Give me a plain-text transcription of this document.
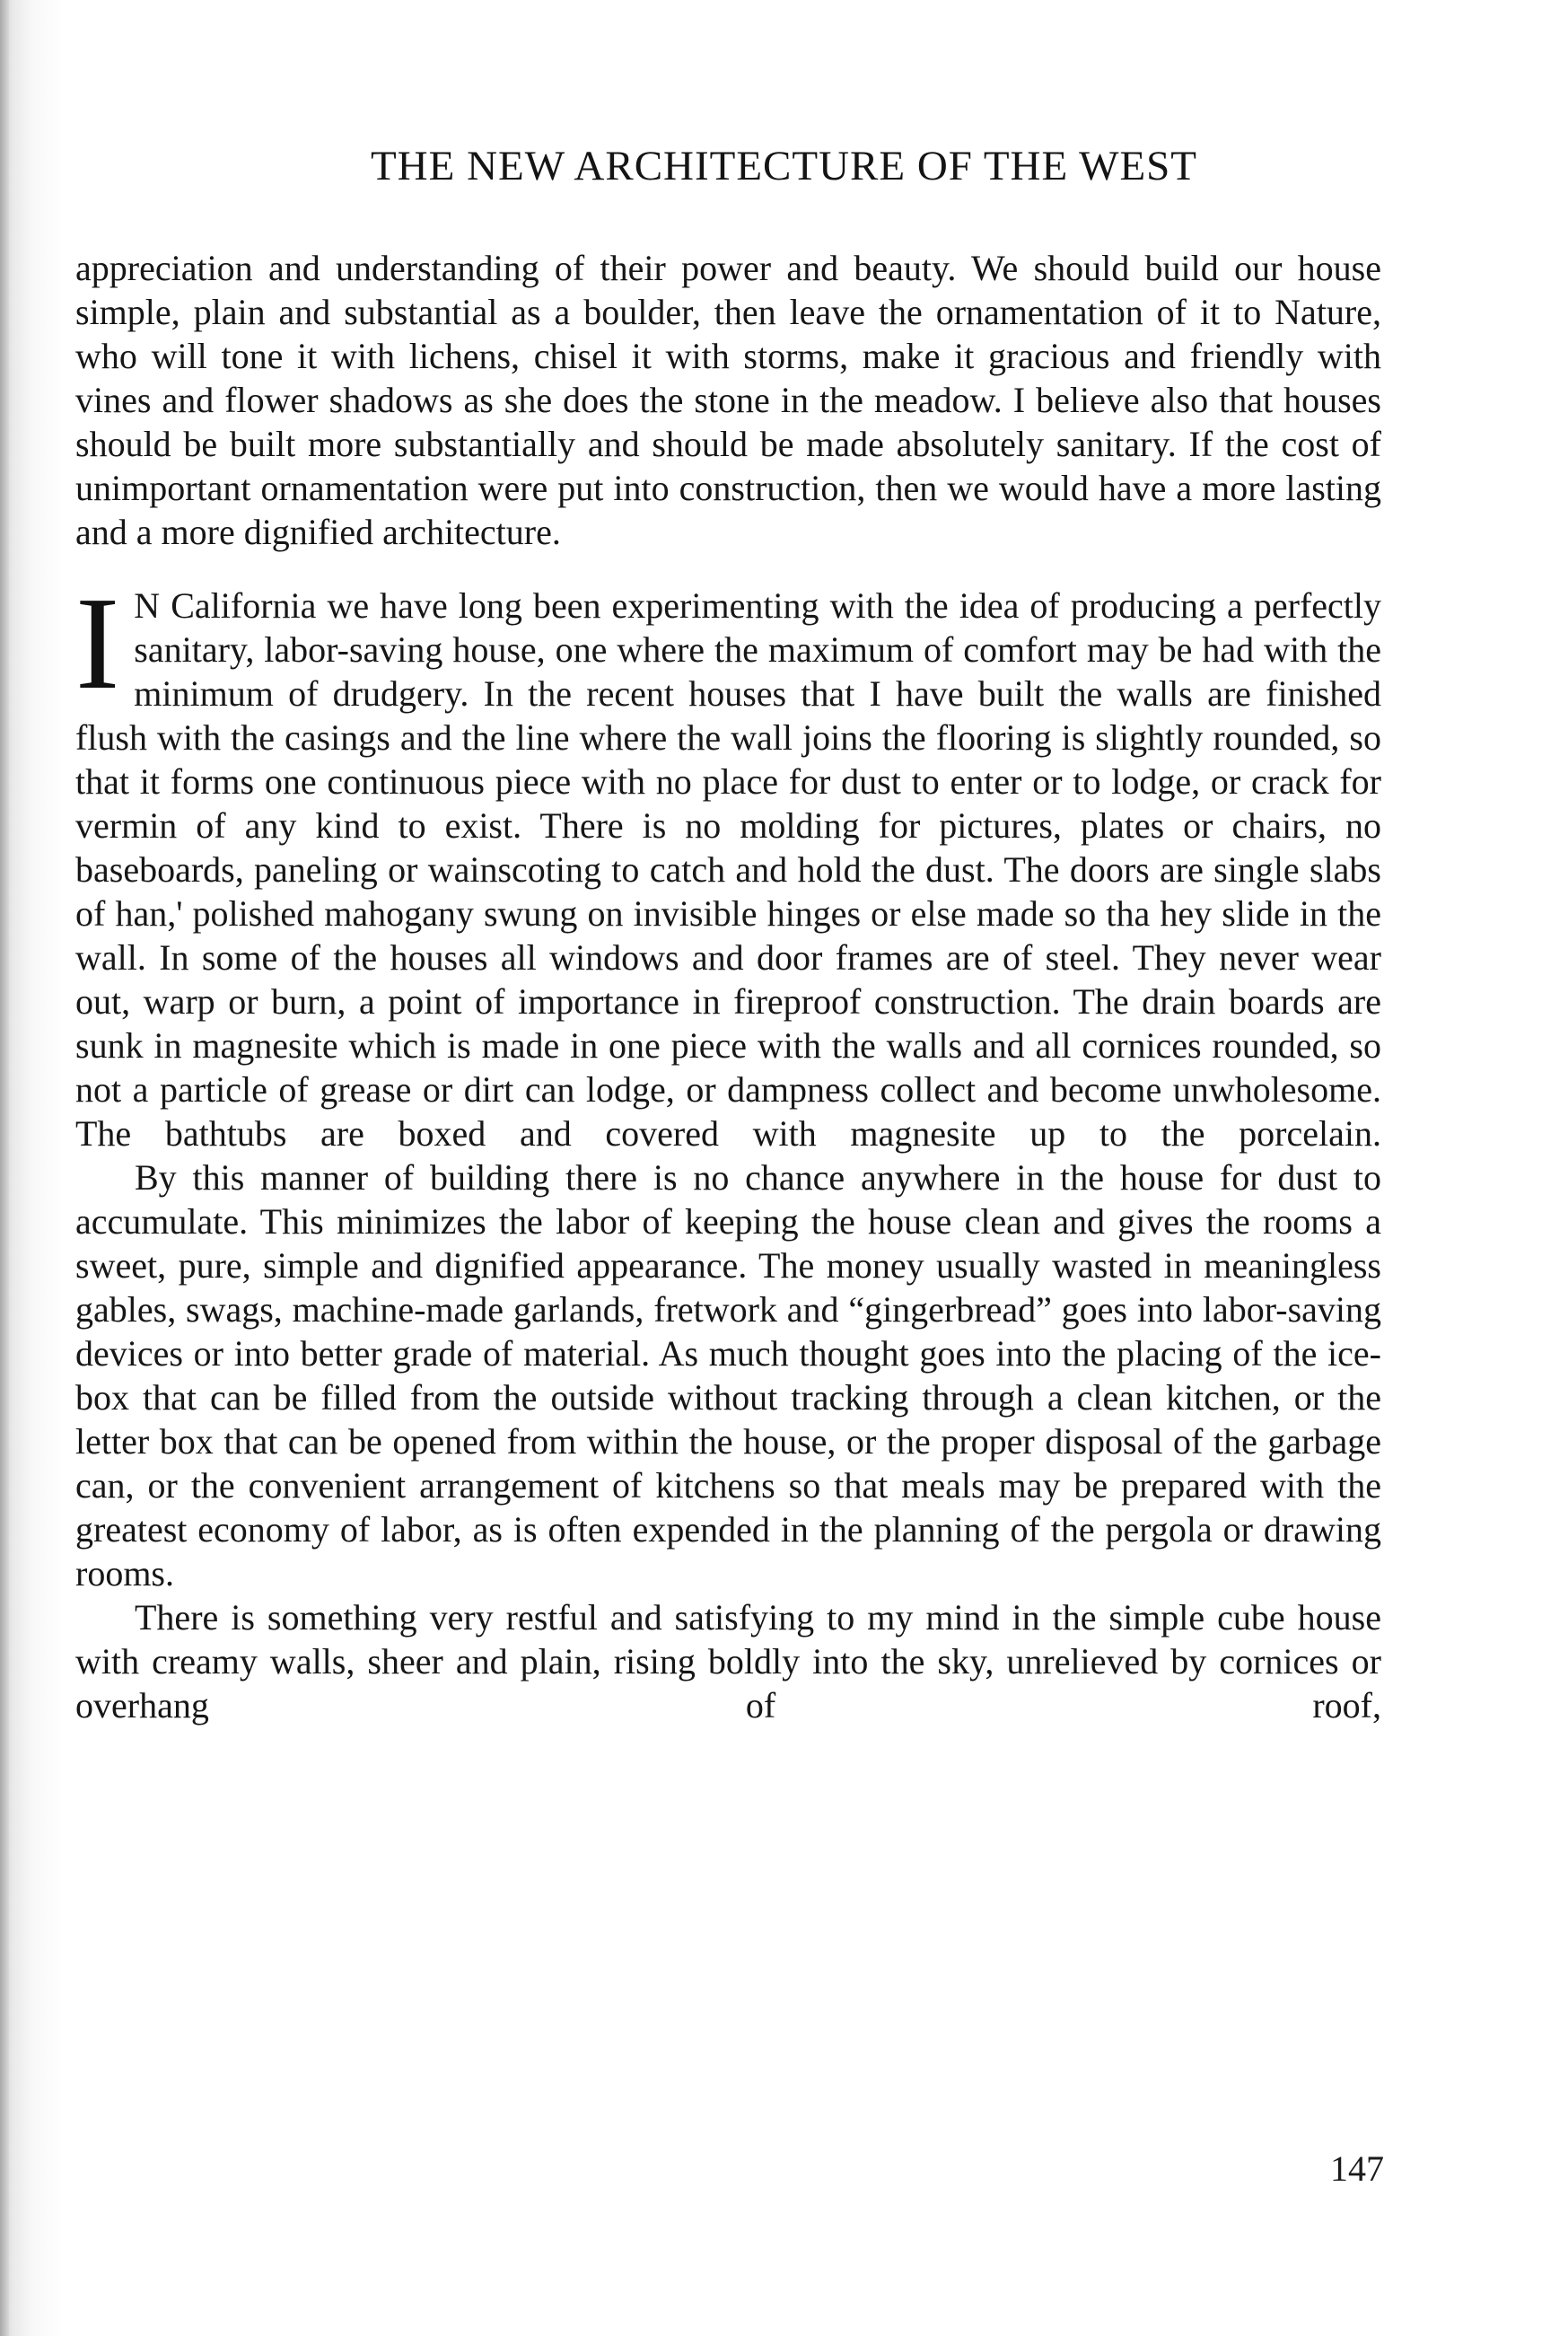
THE NEW ARCHITECTURE OF THE WEST

appreciation and understanding of their power and beauty. We should build our house simple, plain and substantial as a boulder, then leave the ornamentation of it to Nature, who will tone it with lichens, chisel it with storms, make it gracious and friendly with vines and flower shadows as she does the stone in the meadow. I believe also that houses should be built more substantially and should be made absolutely sanitary. If the cost of unimportant ornamentation were put into construction, then we would have a more lasting and a more dignified architecture.

I N California we have long been experimenting with the idea of producing a perfectly sanitary, labor-saving house, one where the maximum of comfort may be had with the minimum of drudgery. In the recent houses that I have built the walls are finished flush with the casings and the line where the wall joins the flooring is slightly rounded, so that it forms one continuous piece with no place for dust to enter or to lodge, or crack for vermin of any kind to exist. There is no molding for pictures, plates or chairs, no baseboards, paneling or wainscoting to catch and hold the dust. The doors are single slabs of han,' polished mahogany swung on invisible hinges or else made so tha hey slide in the wall. In some of the houses all windows and door frames are of steel. They never wear out, warp or burn, a point of importance in fireproof construction. The drain boards are sunk in magnesite which is made in one piece with the walls and all cornices rounded, so not a particle of grease or dirt can lodge, or dampness collect and become unwholesome. The bathtubs are boxed and covered with magnesite up to the porcelain.

By this manner of building there is no chance anywhere in the house for dust to accumulate. This minimizes the labor of keeping the house clean and gives the rooms a sweet, pure, simple and dignified appearance. The money usually wasted in meaningless gables, swags, machine-made garlands, fretwork and “gingerbread” goes into labor-saving devices or into better grade of material. As much thought goes into the placing of the ice-box that can be filled from the outside without tracking through a clean kitchen, or the letter box that can be opened from within the house, or the proper disposal of the garbage can, or the convenient arrangement of kitchens so that meals may be prepared with the greatest economy of labor, as is often expended in the planning of the pergola or drawing rooms.

There is something very restful and satisfying to my mind in the simple cube house with creamy walls, sheer and plain, rising boldly into the sky, unrelieved by cornices or overhang of roof,

147
